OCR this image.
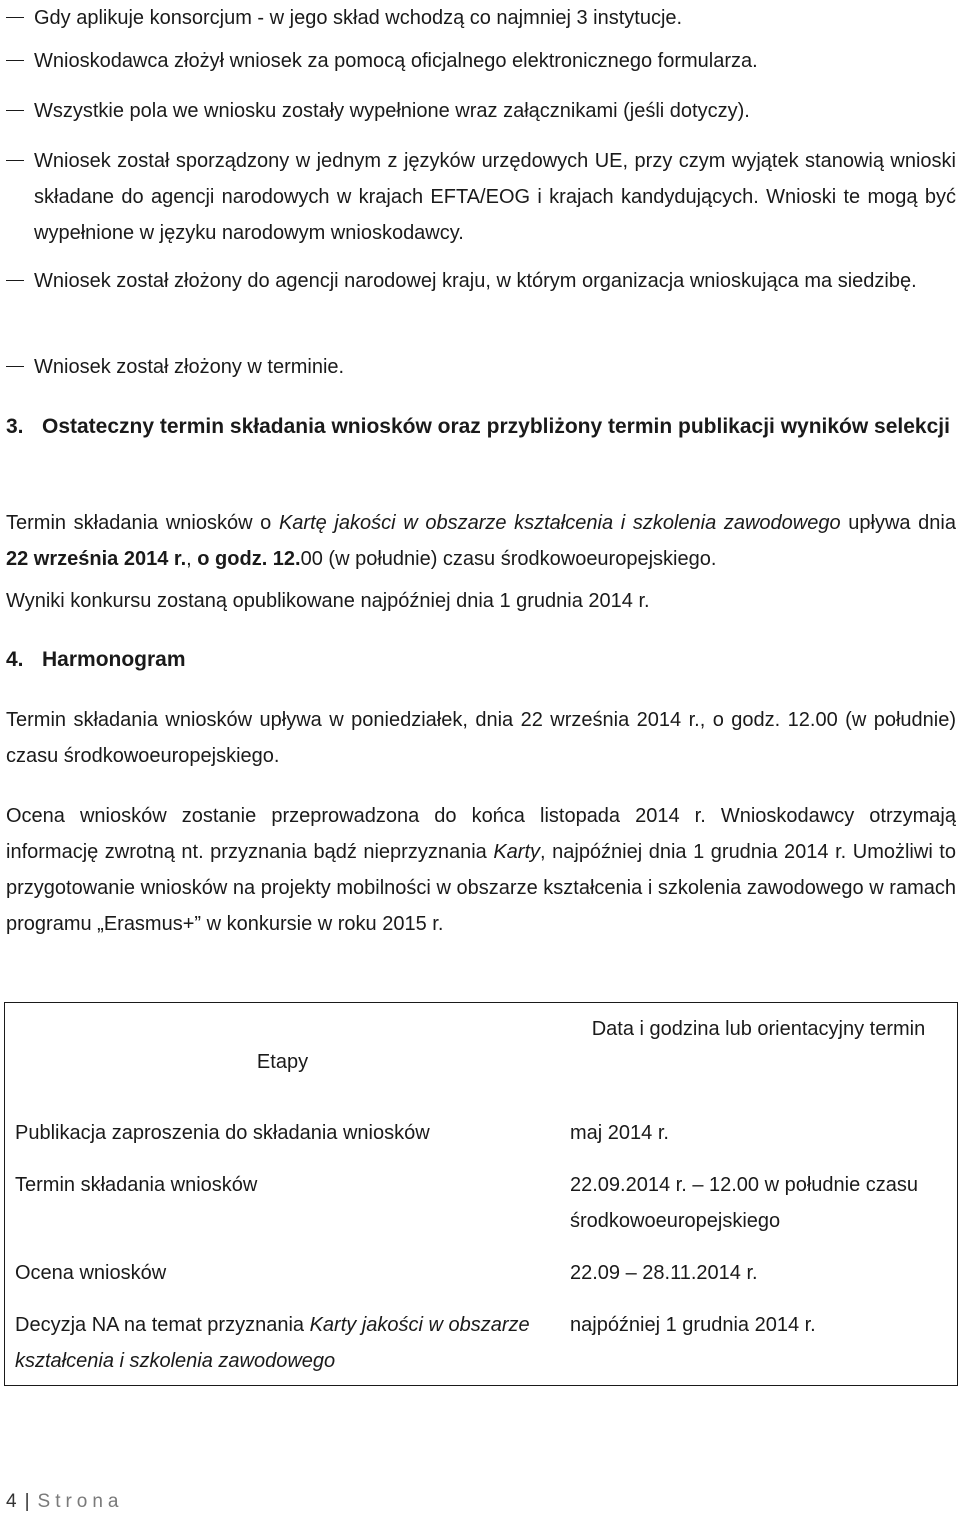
Gdy aplikuje konsorcjum - w jego skład wchodzą co najmniej 3 instytucje.
Wnioskodawca złożył wniosek za pomocą oficjalnego elektronicznego formularza.
Wszystkie pola we wniosku zostały wypełnione wraz załącznikami (jeśli dotyczy).
Wniosek został sporządzony w jednym z języków urzędowych UE, przy czym wyjątek stanowią wnioski składane do agencji narodowych w krajach EFTA/EOG i krajach kandydujących. Wnioski te mogą być wypełnione w języku narodowym wnioskodawcy.
Wniosek został złożony do agencji narodowej kraju, w którym organizacja wnioskująca ma siedzibę.
Wniosek został złożony w terminie.
3. Ostateczny termin składania wniosków oraz przybliżony termin publikacji wyników selekcji
Termin składania wniosków o Kartę jakości w obszarze kształcenia i szkolenia zawodowego upływa dnia 22 września 2014 r., o godz. 12.00 (w południe) czasu środkowoeuropejskiego.
Wyniki konkursu zostaną opublikowane najpóźniej dnia 1 grudnia 2014 r.
4. Harmonogram
Termin składania wniosków upływa w poniedziałek, dnia 22 września 2014 r., o godz. 12.00 (w południe) czasu środkowoeuropejskiego.
Ocena wniosków zostanie przeprowadzona do końca listopada 2014 r. Wnioskodawcy otrzymają informację zwrotną nt. przyznania bądź nieprzyznania Karty, najpóźniej dnia 1 grudnia 2014 r. Umożliwi to przygotowanie wniosków na projekty mobilności w obszarze kształcenia i szkolenia zawodowego w ramach programu „Erasmus+” w konkursie w roku 2015 r.
Etapy	Data i godzina lub orientacyjny termin
Publikacja zaproszenia do składania wniosków	maj 2014 r.
Termin składania wniosków	22.09.2014 r. – 12.00 w południe czasu środkowoeuropejskiego
Ocena wniosków	22.09 – 28.11.2014 r.
Decyzja NA na temat przyznania Karty jakości w obszarze kształcenia i szkolenia zawodowego	najpóźniej 1 grudnia 2014 r.
4 | Strona
